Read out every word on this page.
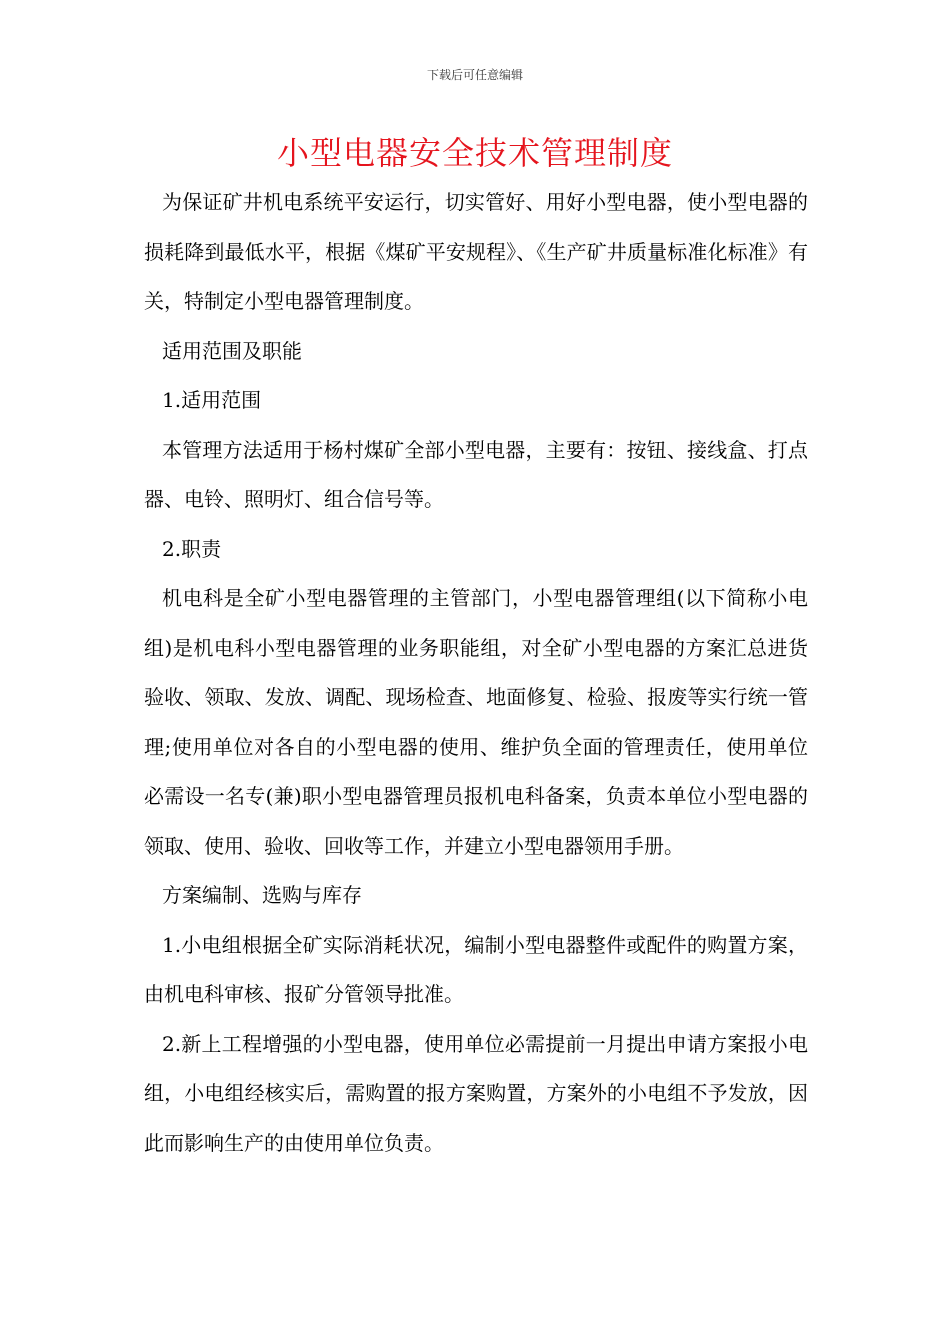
下载后可任意编辑
小型电器安全技术管理制度

为保证矿井机电系统平安运行，切实管好、用好小型电器，使小型电器的损耗降到最低水平，根据《煤矿平安规程》、《生产矿井质量标准化标准》有关，特制定小型电器管理制度。

适用范围及职能

1.适用范围

本管理方法适用于杨村煤矿全部小型电器，主要有：按钮、接线盒、打点器、电铃、照明灯、组合信号等。

2.职责

机电科是全矿小型电器管理的主管部门，小型电器管理组(以下简称小电组)是机电科小型电器管理的业务职能组，对全矿小型电器的方案汇总进货验收、领取、发放、调配、现场检查、地面修复、检验、报废等实行统一管理;使用单位对各自的小型电器的使用、维护负全面的管理责任，使用单位必需设一名专(兼)职小型电器管理员报机电科备案，负责本单位小型电器的领取、使用、验收、回收等工作，并建立小型电器领用手册。

方案编制、选购与库存

1.小电组根据全矿实际消耗状况，编制小型电器整件或配件的购置方案，由机电科审核、报矿分管领导批准。

2.新上工程增强的小型电器，使用单位必需提前一月提出申请方案报小电组，小电组经核实后，需购置的报方案购置，方案外的小电组不予发放，因此而影响生产的由使用单位负责。
